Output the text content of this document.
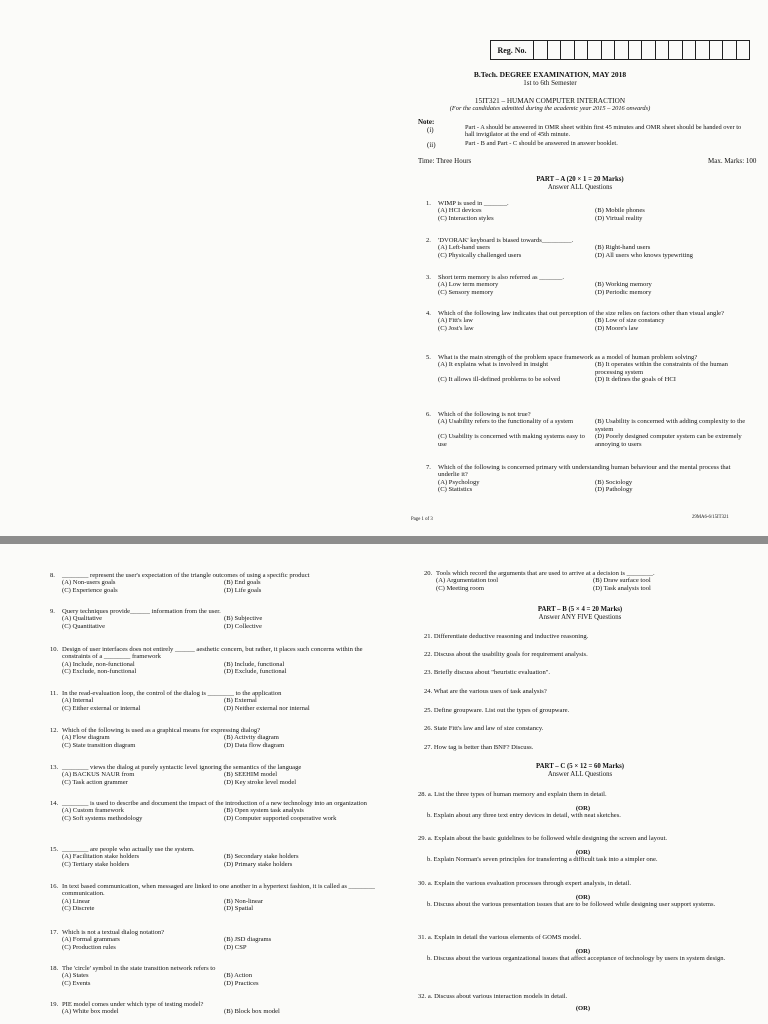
Reg. No.
B.Tech. DEGREE EXAMINATION, MAY 2018
1st to 6th Semester
15IT321 – HUMAN COMPUTER INTERACTION
(For the candidates admitted during the academic year 2015 – 2016 onwards)
Note:
(i)	Part - A should be answered in OMR sheet within first 45 minutes and OMR sheet should be handed over to hall invigilator at the end of 45th minute.
(ii)	Part - B and Part - C should be answered in answer booklet.
Time: Three Hours	Max. Marks: 100
PART – A (20 × 1 = 20 Marks)
Answer ALL Questions
1. WIMP is used in _______.
(A) HCI devices	(B) Mobile phones
(C) Interaction styles	(D) Virtual reality
2. 'DVORAK' keyboard is biased towards_________.
(A) Left-hand users	(B) Right-hand users
(C) Physically challenged users	(D) All users who knows typewriting
3. Short term memory is also referred as _______.
(A) Low term memory	(B) Working memory
(C) Sensory memory	(D) Periodic memory
4. Which of the following law indicates that out perception of the size relies on factors other than visual angle?
(A) Fitt's law	(B) Low of size constancy
(C) Jost's law	(D) Moore's law
5. What is the main strength of the problem space framework as a model of human problem solving?
(A) It explains what is involved in insight	(B) It operates within the constraints of the human processing system
(C) It allows ill-defined problems to be solved	(D) It defines the goals of HCI
6. Which of the following is not true?
(A) Usability refers to the functionality of a system	(B) Usability is concerned with adding complexity to the system
(C) Usability is concerned with making systems easy to use
(D) Poorly designed computer system can be extremely annoying to users
7. Which of the following is concerned primary with understanding human behaviour and the mental process that underlie it?
(A) Psychology	(B) Sociology
(C) Statistics	(D) Pathology
Page 1 of 3	29MA6-6/15IT321
8. ________ represent the user's expectation of the triangle outcomes of using a specific product
(A) Non-users goals	(B) End goals
(C) Experience goals	(D) Life goals
9. Query techniques provide______ information from the user.
(A) Qualitative	(B) Subjective
(C) Quantitative	(D) Collective
10. Design of user interfaces does not entirely ______ aesthetic concern, but rather, it places such concerns within the constraints of a ________ framework
(A) Include, non-functional	(B) Include, functional
(C) Exclude, non-functional	(D) Exclude, functional
11. In the read-evaluation loop, the control of the dialog is ________ to the application
(A) Internal	(B) External
(C) Either external or internal	(D) Neither external nor internal
12. Which of the following is used as a graphical means for expressing dialog?
(A) Flow diagram	(B) Activity diagram
(C) State transition diagram	(D) Data flow diagram
13. ________ views the dialog at purely syntactic level ignoring the semantics of the language
(A) BACKUS NAUR from	(B) SEEHIM model
(C) Task action grammer	(D) Key stroke level model
14. ________ is used to describe and document the impact of the introduction of a new technology into an organization
(A) Custom framework	(B) Open system task analysis
(C) Soft systems methodology	(D) Computer supported cooperative work
15. ________ are people who actually use the system.
(A) Facilitation stake holders	(B) Secondary stake holders
(C) Tertiary stake holders	(D) Primary stake holders
16. In text based communication, when messaged are linked to one another in a hypertext fashion, it is called as ________ communication.
(A) Linear	(B) Non-linear
(C) Discrete	(D) Spatial
17. Which is not a textual dialog notation?
(A) Formal grammars	(B) JSD diagrams
(C) Production rules	(D) CSP
18. The 'circle' symbol in the state transition network refers to
(A) States	(B) Action
(C) Events	(D) Practices
19. PIE model comes under which type of testing model?
(A) White box model	(B) Block box model
20. Tools which record the arguments that are used to arrive at a decision is ________.
(A) Argumentation tool	(B) Draw surface tool
(C) Meeting room	(D) Task analysis tool
PART – B (5 × 4 = 20 Marks)
Answer ANY FIVE Questions
21. Differentiate deductive reasoning and inductive reasoning.
22. Discuss about the usability goals for requirement analysis.
23. Briefly discuss about "heuristic evaluation".
24. What are the various uses of task analysis?
25. Define groupware. List out the types of groupware.
26. State Fitt's law and law of size constancy.
27. How tag is better than BNF? Discuss.
PART – C (5 × 12 = 60 Marks)
Answer ALL Questions
28. a. List the three types of human memory and explain them in detail.
(OR)
b. Explain about any three text entry devices in detail, with neat sketches.
29. a. Explain about the basic guidelines to be followed while designing the screen and layout.
(OR)
b. Explain Norman's seven principles for transferring a difficult task into a simpler one.
30. a. Explain the various evaluation processes through expert analysis, in detail.
(OR)
b. Discuss about the various presentation issues that are to be followed while designing user support systems.
31. a. Explain in detail the various elements of GOMS model.
(OR)
b. Discuss about the various organizational issues that affect acceptance of technology by users in system design.
32. a. Discuss about various interaction models in detail.
(OR)
